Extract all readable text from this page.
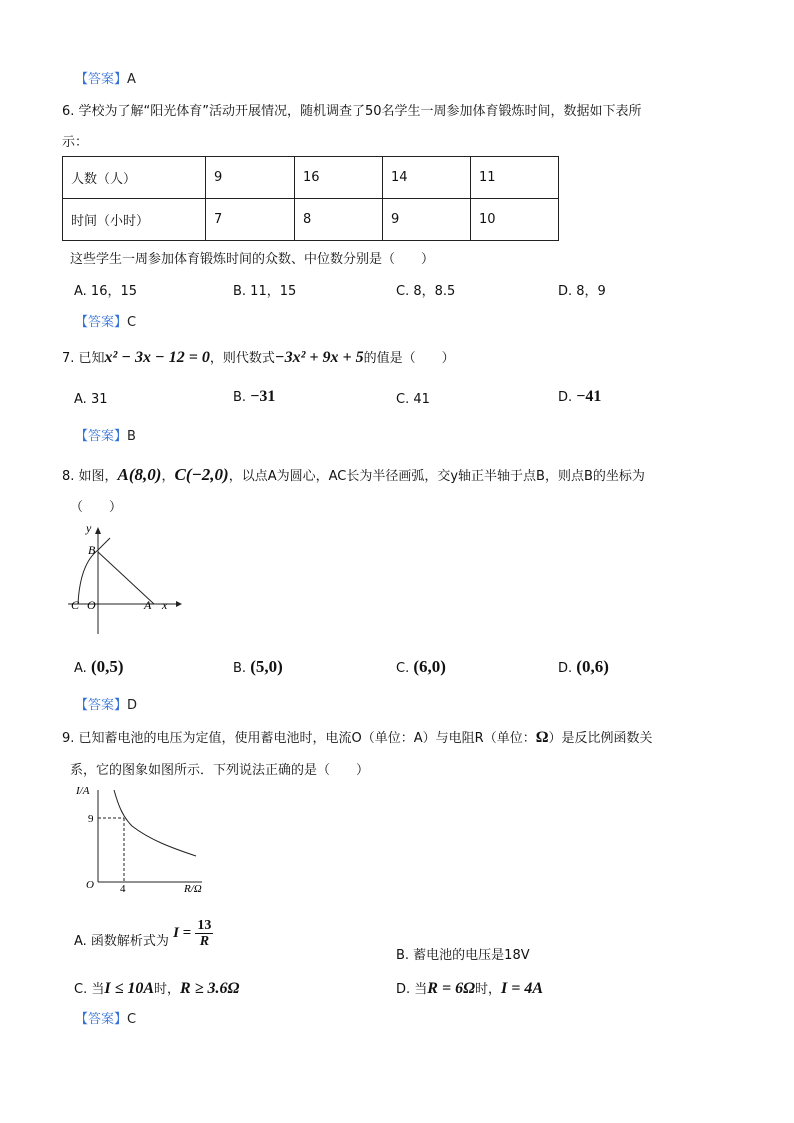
【答案】A
6. 学校为了解“阳光体育”活动开展情况，随机调查了50名学生一周参加体育锻炼时间，数据如下表所
示：
人数（人）	9	16	14	11
时间（小时）	7	8	9	10
这些学生一周参加体育锻炼时间的众数、中位数分别是（　　）
A. 16，15	B. 11，15	C. 8，8.5	D. 8，9
【答案】C
7. 已知x² − 3x − 12 = 0，则代数式−3x² + 9x + 5的值是（　　）
A. 31	B. −31	C. 41	D. −41
【答案】B
8. 如图，A(8,0)，C(−2,0)，以点A为圆心，AC长为半径画弧，交y轴正半轴于点B，则点B的坐标为
（　　）
y
B
C O	A x
A. (0,5)	B. (5,0)	C. (6,0)	D. (0,6)
【答案】D
9. 已知蓄电池的电压为定值，使用蓄电池时，电流O（单位：A）与电阻R（单位：Ω）是反比例函数关
系，它的图象如图所示．下列说法正确的是（　　）
I/A
9
O 4	R/Ω
A. 函数解析式为 $I = \frac{13}{R}$
B. 蓄电池的电压是18V
C. 当I ≤ 10A时，R ≥ 3.6Ω	D. 当R = 6Ω时，I = 4A
【答案】C
